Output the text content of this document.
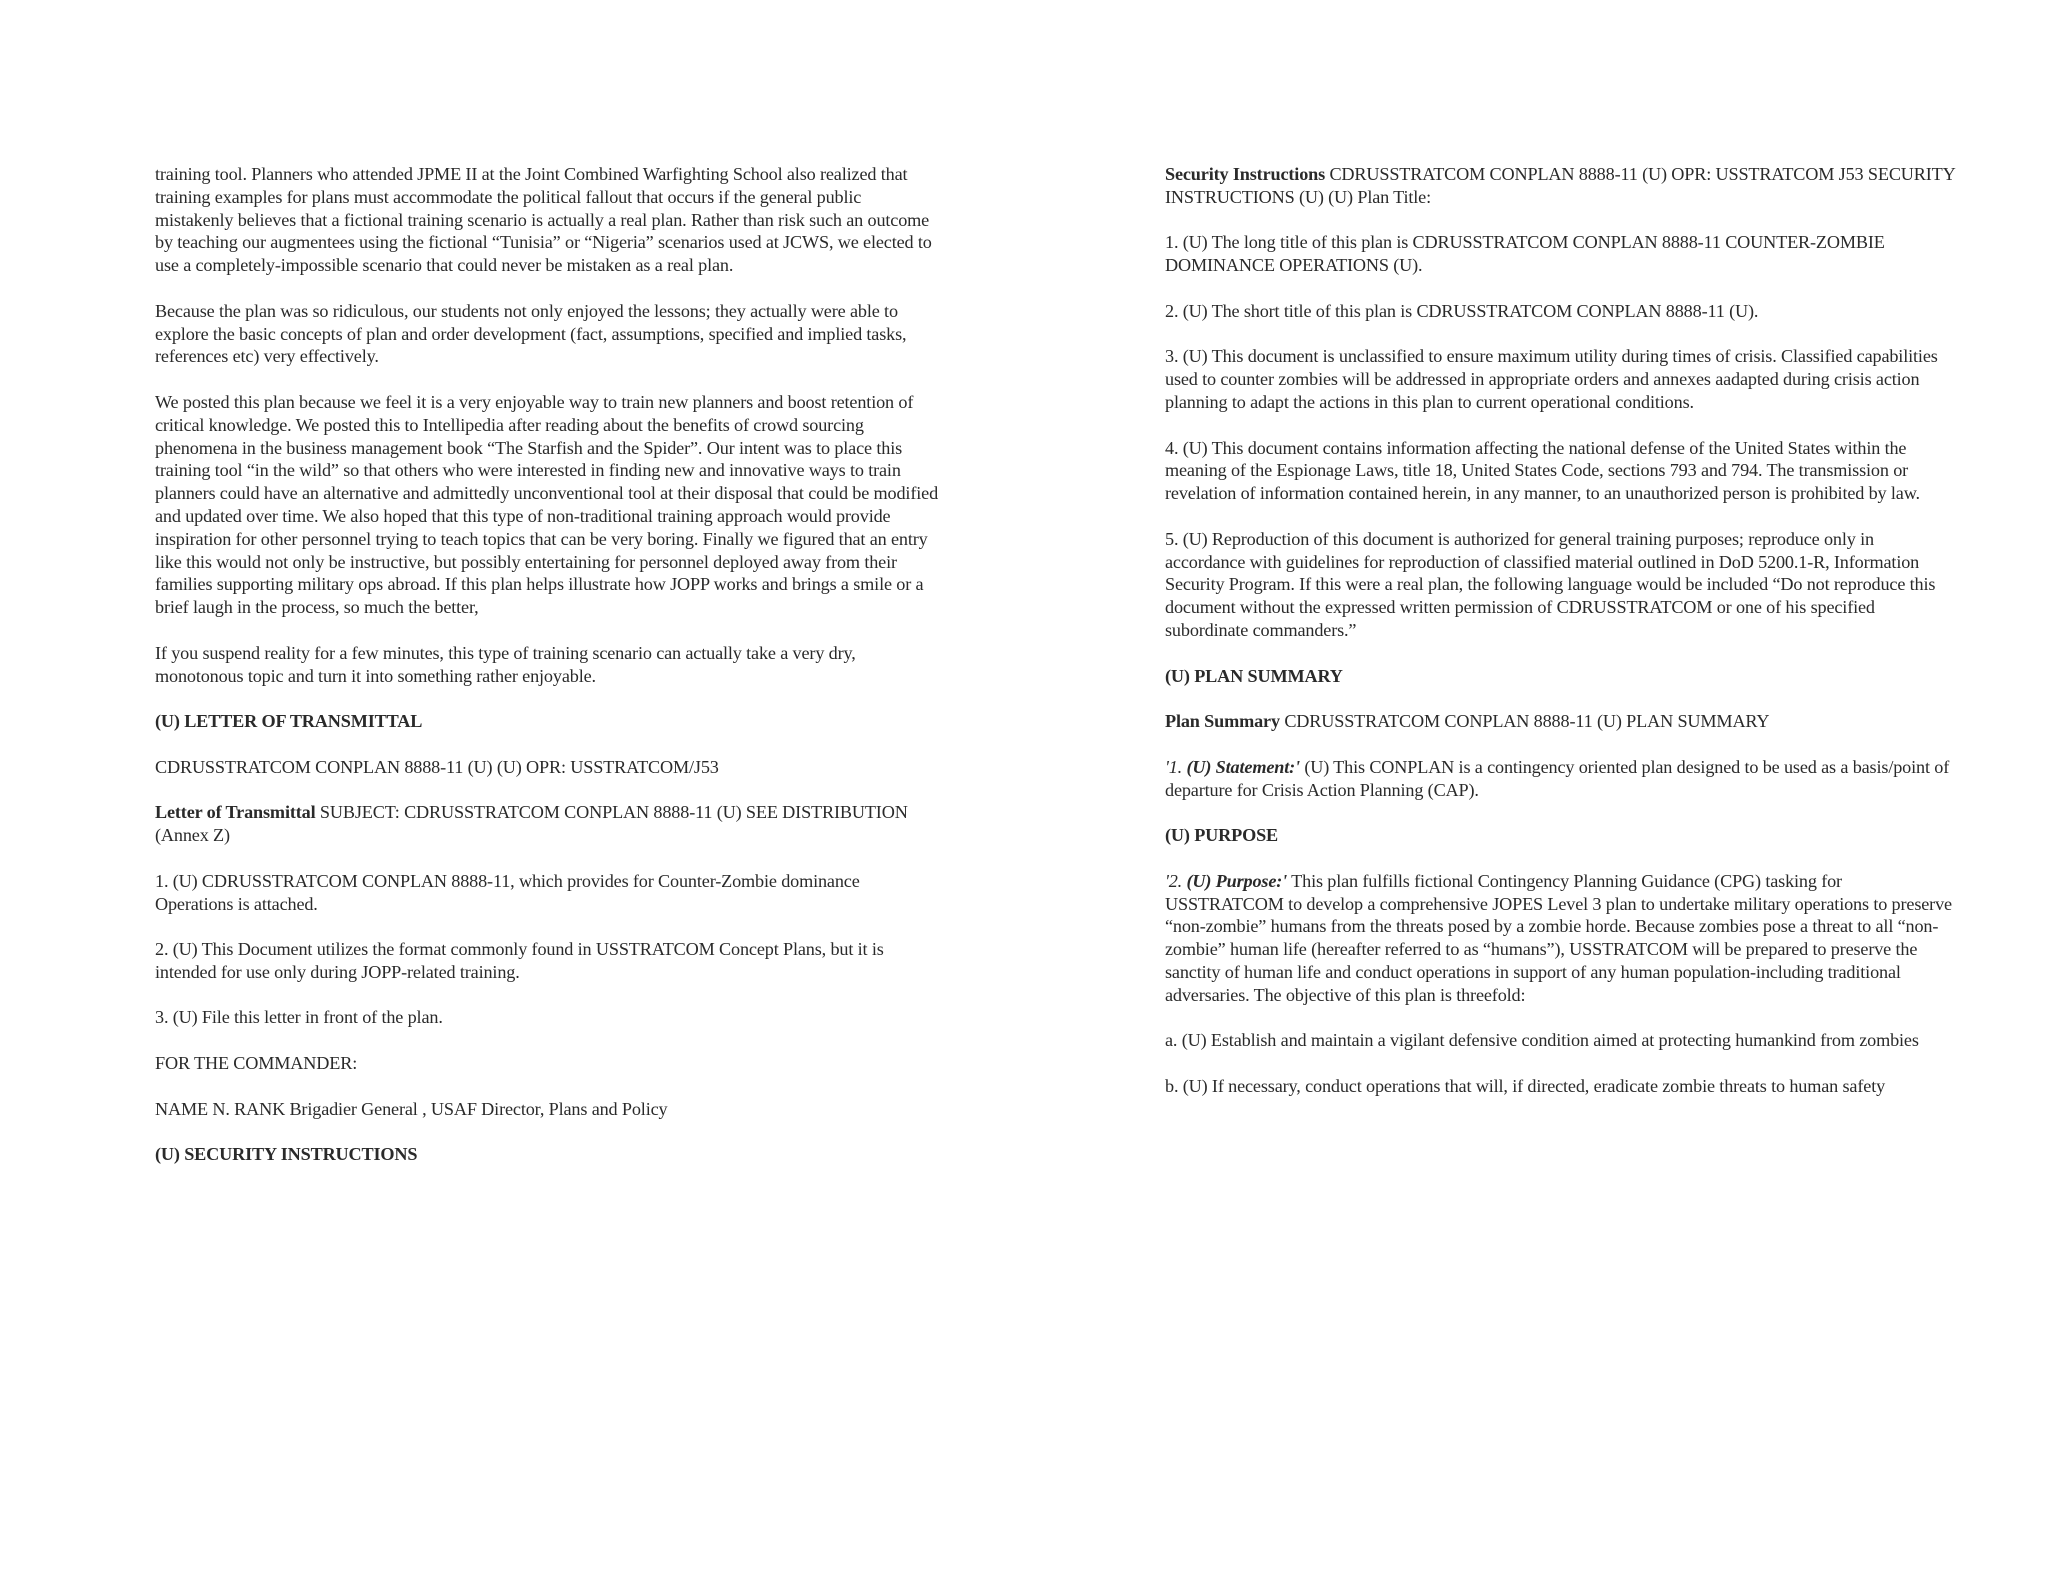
training tool. Planners who attended JPME II at the Joint Combined Warfighting School also realized that training examples for plans must accommodate the political fallout that occurs if the general public mistakenly believes that a fictional training scenario is actually a real plan. Rather than risk such an outcome by teaching our augmentees using the fictional “Tunisia” or “Nigeria” scenarios used at JCWS, we elected to use a completely-impossible scenario that could never be mistaken as a real plan.

Because the plan was so ridiculous, our students not only enjoyed the lessons; they actually were able to explore the basic concepts of plan and order development (fact, assumptions, specified and implied tasks, references etc) very effectively.

We posted this plan because we feel it is a very enjoyable way to train new planners and boost retention of critical knowledge. We posted this to Intellipedia after reading about the benefits of crowd sourcing phenomena in the business management book “The Starfish and the Spider”. Our intent was to place this training tool “in the wild” so that others who were interested in finding new and innovative ways to train planners could have an alternative and admittedly unconventional tool at their disposal that could be modified and updated over time. We also hoped that this type of non-traditional training approach would provide inspiration for other personnel trying to teach topics that can be very boring. Finally we figured that an entry like this would not only be instructive, but possibly entertaining for personnel deployed away from their families supporting military ops abroad. If this plan helps illustrate how JOPP works and brings a smile or a brief laugh in the process, so much the better,

If you suspend reality for a few minutes, this type of training scenario can actually take a very dry, monotonous topic and turn it into something rather enjoyable.

(U) LETTER OF TRANSMITTAL

CDRUSSTRATCOM CONPLAN 8888-11 (U) (U) OPR: USSTRATCOM/J53

Letter of Transmittal SUBJECT: CDRUSSTRATCOM CONPLAN 8888-11 (U) SEE DISTRIBUTION (Annex Z)

1. (U) CDRUSSTRATCOM CONPLAN 8888-11, which provides for Counter-Zombie dominance Operations is attached.

2. (U) This Document utilizes the format commonly found in USSTRATCOM Concept Plans, but it is intended for use only during JOPP-related training.

3. (U) File this letter in front of the plan.

FOR THE COMMANDER:

NAME N. RANK Brigadier General , USAF Director, Plans and Policy

(U) SECURITY INSTRUCTIONS

Security Instructions CDRUSSTRATCOM CONPLAN 8888-11 (U) OPR: USSTRATCOM J53 SECURITY INSTRUCTIONS (U) (U) Plan Title:

1. (U) The long title of this plan is CDRUSSTRATCOM CONPLAN 8888-11 COUNTER-ZOMBIE DOMINANCE OPERATIONS (U).

2. (U) The short title of this plan is CDRUSSTRATCOM CONPLAN 8888-11 (U).

3. (U) This document is unclassified to ensure maximum utility during times of crisis. Classified capabilities used to counter zombies will be addressed in appropriate orders and annexes aadapted during crisis action planning to adapt the actions in this plan to current operational conditions.

4. (U) This document contains information affecting the national defense of the United States within the meaning of the Espionage Laws, title 18, United States Code, sections 793 and 794. The transmission or revelation of information contained herein, in any manner, to an unauthorized person is prohibited by law.

5. (U) Reproduction of this document is authorized for general training purposes; reproduce only in accordance with guidelines for reproduction of classified material outlined in DoD 5200.1-R, Information Security Program. If this were a real plan, the following language would be included “Do not reproduce this document without the expressed written permission of CDRUSSTRATCOM or one of his specified subordinate commanders.”

(U) PLAN SUMMARY

Plan Summary CDRUSSTRATCOM CONPLAN 8888-11 (U) PLAN SUMMARY

'1. (U) Statement:' (U) This CONPLAN is a contingency oriented plan designed to be used as a basis/point of departure for Crisis Action Planning (CAP).

(U) PURPOSE

'2. (U) Purpose:' This plan fulfills fictional Contingency Planning Guidance (CPG) tasking for USSTRATCOM to develop a comprehensive JOPES Level 3 plan to undertake military operations to preserve “non-zombie” humans from the threats posed by a zombie horde. Because zombies pose a threat to all “non-zombie” human life (hereafter referred to as “humans”), USSTRATCOM will be prepared to preserve the sanctity of human life and conduct operations in support of any human population-including traditional adversaries. The objective of this plan is threefold:

a. (U) Establish and maintain a vigilant defensive condition aimed at protecting humankind from zombies

b. (U) If necessary, conduct operations that will, if directed, eradicate zombie threats to human safety
